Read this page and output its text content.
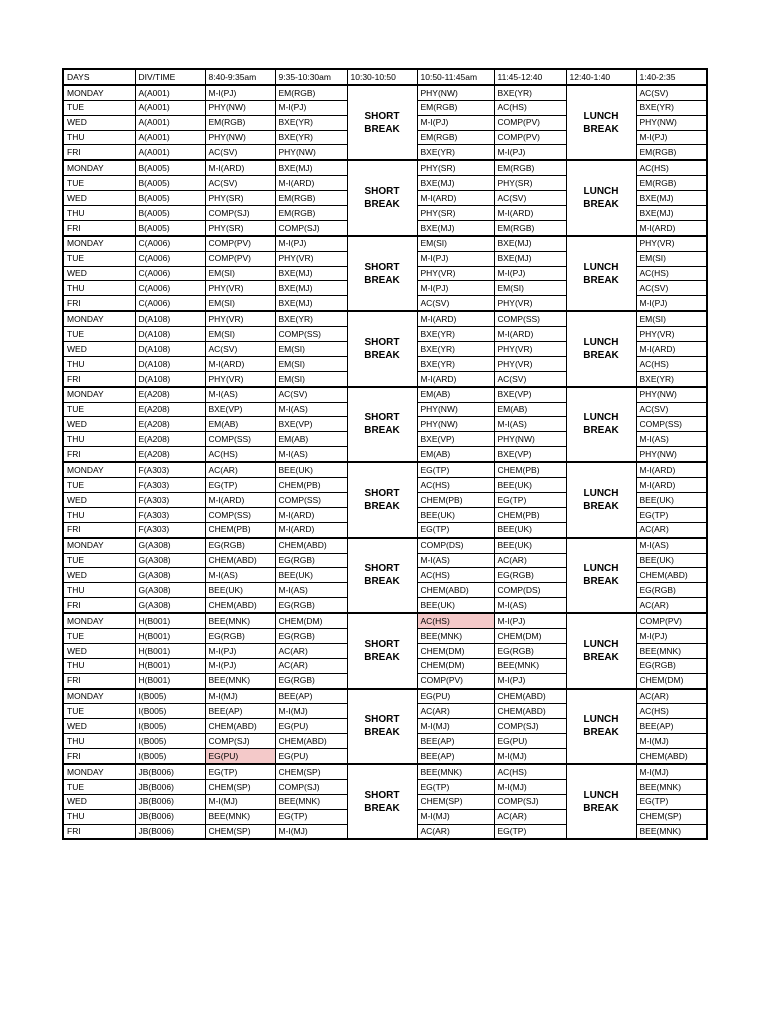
DAYS	DIV/TIME	8:40-9:35am	9:35-10:30am	10:30-10:50	10:50-11:45am	11:45-12:40	12:40-1:40	1:40-2:35
MONDAY	A(A001)	M-I(PJ)	EM(RGB)	SHORT BREAK	PHY(NW)	BXE(YR)	LUNCH BREAK	AC(SV)
TUE	A(A001)	PHY(NW)	M-I(PJ)		EM(RGB)	AC(HS)		BXE(YR)
WED	A(A001)	EM(RGB)	BXE(YR)		M-I(PJ)	COMP(PV)		PHY(NW)
THU	A(A001)	PHY(NW)	BXE(YR)		EM(RGB)	COMP(PV)		M-I(PJ)
FRI	A(A001)	AC(SV)	PHY(NW)		BXE(YR)	M-I(PJ)		EM(RGB)
MONDAY	B(A005)	M-I(ARD)	BXE(MJ)	SHORT BREAK	PHY(SR)	EM(RGB)	LUNCH BREAK	AC(HS)
TUE	B(A005)	AC(SV)	M-I(ARD)		BXE(MJ)	PHY(SR)		EM(RGB)
WED	B(A005)	PHY(SR)	EM(RGB)		M-I(ARD)	AC(SV)		BXE(MJ)
THU	B(A005)	COMP(SJ)	EM(RGB)		PHY(SR)	M-I(ARD)		BXE(MJ)
FRI	B(A005)	PHY(SR)	COMP(SJ)		BXE(MJ)	EM(RGB)		M-I(ARD)
MONDAY	C(A006)	COMP(PV)	M-I(PJ)	SHORT BREAK	EM(SI)	BXE(MJ)	LUNCH BREAK	PHY(VR)
TUE	C(A006)	COMP(PV)	PHY(VR)		M-I(PJ)	BXE(MJ)		EM(SI)
WED	C(A006)	EM(SI)	BXE(MJ)		PHY(VR)	M-I(PJ)		AC(HS)
THU	C(A006)	PHY(VR)	BXE(MJ)		M-I(PJ)	EM(SI)		AC(SV)
FRI	C(A006)	EM(SI)	BXE(MJ)		AC(SV)	PHY(VR)		M-I(PJ)
MONDAY	D(A108)	PHY(VR)	BXE(YR)	SHORT BREAK	M-I(ARD)	COMP(SS)	LUNCH BREAK	EM(SI)
TUE	D(A108)	EM(SI)	COMP(SS)		BXE(YR)	M-I(ARD)		PHY(VR)
WED	D(A108)	AC(SV)	EM(SI)		BXE(YR)	PHY(VR)		M-I(ARD)
THU	D(A108)	M-I(ARD)	EM(SI)		BXE(YR)	PHY(VR)		AC(HS)
FRI	D(A108)	PHY(VR)	EM(SI)		M-I(ARD)	AC(SV)		BXE(YR)
MONDAY	E(A208)	M-I(AS)	AC(SV)	SHORT BREAK	EM(AB)	BXE(VP)	LUNCH BREAK	PHY(NW)
TUE	E(A208)	BXE(VP)	M-I(AS)		PHY(NW)	EM(AB)		AC(SV)
WED	E(A208)	EM(AB)	BXE(VP)		PHY(NW)	M-I(AS)		COMP(SS)
THU	E(A208)	COMP(SS)	EM(AB)		BXE(VP)	PHY(NW)		M-I(AS)
FRI	E(A208)	AC(HS)	M-I(AS)		EM(AB)	BXE(VP)		PHY(NW)
MONDAY	F(A303)	AC(AR)	BEE(UK)	SHORT BREAK	EG(TP)	CHEM(PB)	LUNCH BREAK	M-I(ARD)
TUE	F(A303)	EG(TP)	CHEM(PB)		AC(HS)	BEE(UK)		M-I(ARD)
WED	F(A303)	M-I(ARD)	COMP(SS)		CHEM(PB)	EG(TP)		BEE(UK)
THU	F(A303)	COMP(SS)	M-I(ARD)		BEE(UK)	CHEM(PB)		EG(TP)
FRI	F(A303)	CHEM(PB)	M-I(ARD)		EG(TP)	BEE(UK)		AC(AR)
MONDAY	G(A308)	EG(RGB)	CHEM(ABD)	SHORT BREAK	COMP(DS)	BEE(UK)	LUNCH BREAK	M-I(AS)
TUE	G(A308)	CHEM(ABD)	EG(RGB)		M-I(AS)	AC(AR)		BEE(UK)
WED	G(A308)	M-I(AS)	BEE(UK)		AC(HS)	EG(RGB)		CHEM(ABD)
THU	G(A308)	BEE(UK)	M-I(AS)		CHEM(ABD)	COMP(DS)		EG(RGB)
FRI	G(A308)	CHEM(ABD)	EG(RGB)		BEE(UK)	M-I(AS)		AC(AR)
MONDAY	H(B001)	BEE(MNK)	CHEM(DM)	SHORT BREAK	AC(HS)	M-I(PJ)	LUNCH BREAK	COMP(PV)
TUE	H(B001)	EG(RGB)	EG(RGB)		BEE(MNK)	CHEM(DM)		M-I(PJ)
WED	H(B001)	M-I(PJ)	AC(AR)		CHEM(DM)	EG(RGB)		BEE(MNK)
THU	H(B001)	M-I(PJ)	AC(AR)		CHEM(DM)	BEE(MNK)		EG(RGB)
FRI	H(B001)	BEE(MNK)	EG(RGB)		COMP(PV)	M-I(PJ)		CHEM(DM)
MONDAY	I(B005)	M-I(MJ)	BEE(AP)	SHORT BREAK	EG(PU)	CHEM(ABD)	LUNCH BREAK	AC(AR)
TUE	I(B005)	BEE(AP)	M-I(MJ)		AC(AR)	CHEM(ABD)		AC(HS)
WED	I(B005)	CHEM(ABD)	EG(PU)		M-I(MJ)	COMP(SJ)		BEE(AP)
THU	I(B005)	COMP(SJ)	CHEM(ABD)		BEE(AP)	EG(PU)		M-I(MJ)
FRI	I(B005)	EG(PU)	EG(PU)		BEE(AP)	M-I(MJ)		CHEM(ABD)
MONDAY	JB(B006)	EG(TP)	CHEM(SP)	SHORT BREAK	BEE(MNK)	AC(HS)	LUNCH BREAK	M-I(MJ)
TUE	JB(B006)	CHEM(SP)	COMP(SJ)		EG(TP)	M-I(MJ)		BEE(MNK)
WED	JB(B006)	M-I(MJ)	BEE(MNK)		CHEM(SP)	COMP(SJ)		EG(TP)
THU	JB(B006)	BEE(MNK)	EG(TP)		M-I(MJ)	AC(AR)		CHEM(SP)
FRI	JB(B006)	CHEM(SP)	M-I(MJ)		AC(AR)	EG(TP)		BEE(MNK)
